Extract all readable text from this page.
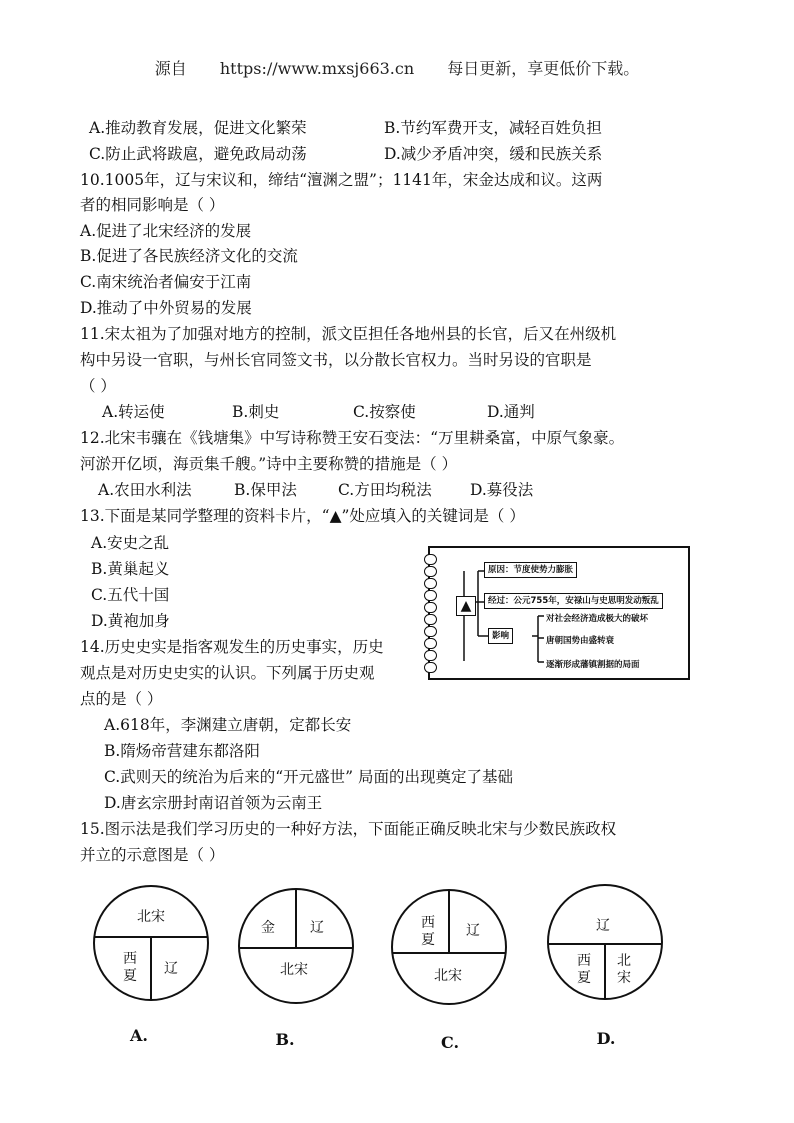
源自 https://www.mxsj663.cn 每日更新，享更低价下载。
A.推动教育发展，促进文化繁荣	B.节约军费开支，减轻百姓负担
C.防止武将跋扈，避免政局动荡	D.减少矛盾冲突，缓和民族关系
10.1005年，辽与宋议和，缔结“澶渊之盟”；1141年，宋金达成和议。这两
者的相同影响是（ ）
A.促进了北宋经济的发展
B.促进了各民族经济文化的交流
C.南宋统治者偏安于江南
D.推动了中外贸易的发展
11.宋太祖为了加强对地方的控制，派文臣担任各地州县的长官，后又在州级机
构中另设一官职，与州长官同签文书，以分散长官权力。当时另设的官职是
（ ）
A.转运使	B.刺史	C.按察使	D.通判
12.北宋韦骧在《钱塘集》中写诗称赞王安石变法：“万里耕桑富，中原气象豪。
河淤开亿顷，海贡集千艘。”诗中主要称赞的措施是（ ）
A.农田水利法	B.保甲法	C.方田均税法 D.募役法
13.下面是某同学整理的资料卡片，“▲”处应填入的关键词是（ ）
A.安史之乱
B.黄巢起义
C.五代十国
D.黄袍加身
▲
原因：节度使势力膨胀
经过：公元755年，安禄山与史思明发动叛乱
影响
对社会经济造成极大的破坏
唐朝国势由盛转衰
逐渐形成藩镇割据的局面
14.历史史实是指客观发生的历史事实，历史
观点是对历史史实的认识。下列属于历史观
点的是（ ）
A.618年，李渊建立唐朝，定都长安
B.隋炀帝营建东都洛阳
C.武则天的统治为后来的“开元盛世” 局面的出现奠定了基础
D.唐玄宗册封南诏首领为云南王
15.图示法是我们学习历史的一种好方法，下面能正确反映北宋与少数民族政权
并立的示意图是（ ）
北宋
西夏 辽
A.
金	辽
北宋
B.
西夏
辽
北宋
C.
辽
西夏
北宋
D.
